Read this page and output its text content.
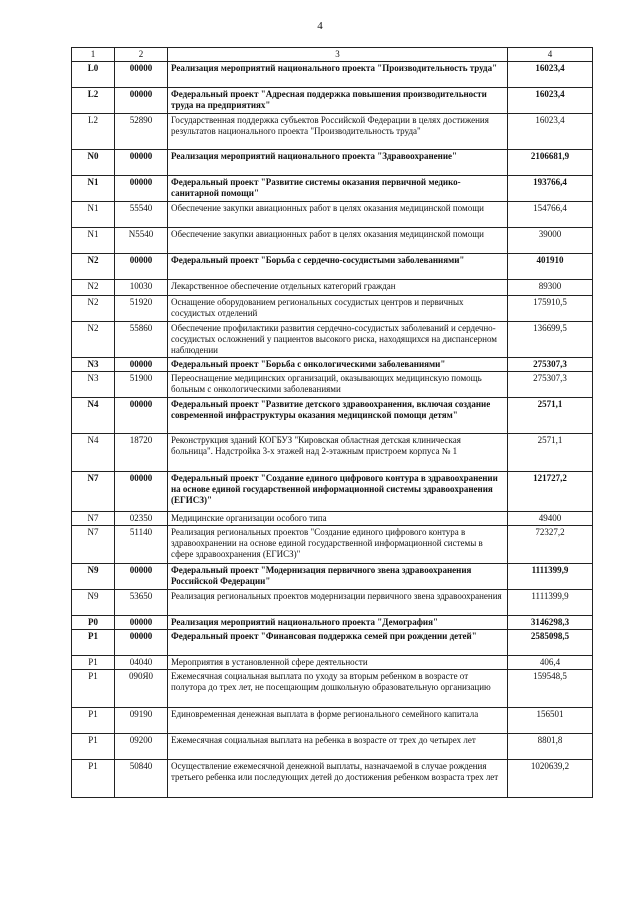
4
1	2	3	4
L0	00000	Реализация мероприятий национального проекта "Производительность труда"	16023,4
L2	00000	Федеральный проект "Адресная поддержка повышения производительности труда на предприятиях"	16023,4
L2	52890	Государственная поддержка субъектов Российской Федерации в целях достижения результатов национального проекта "Производительность труда"	16023,4
N0	00000	Реализация мероприятий национального проекта "Здравоохранение"	2106681,9
N1	00000	Федеральный проект "Развитие системы оказания первичной медико-санитарной помощи"	193766,4
N1	55540	Обеспечение закупки авиационных работ в целях оказания медицинской помощи	154766,4
N1	N5540	Обеспечение закупки авиационных работ в целях оказания медицинской помощи	39000
N2	00000	Федеральный проект "Борьба с сердечно-сосудистыми заболеваниями"	401910
N2	10030	Лекарственное обеспечение отдельных категорий граждан	89300
N2	51920	Оснащение оборудованием региональных сосудистых центров и первичных сосудистых отделений	175910,5
N2	55860	Обеспечение профилактики развития сердечно-сосудистых заболеваний и сердечно-сосудистых осложнений у пациентов высокого риска, находящихся на диспансерном наблюдении	136699,5
N3	00000	Федеральный проект "Борьба с онкологическими заболеваниями"	275307,3
N3	51900	Переоснащение медицинских организаций, оказывающих медицинскую помощь больным с онкологическими заболеваниями	275307,3
N4	00000	Федеральный проект "Развитие детского здравоохранения, включая создание современной инфраструктуры оказания медицинской помощи детям"	2571,1
N4	18720	Реконструкция зданий КОГБУЗ "Кировская областная детская клиническая больница". Надстройка 3-х этажей над 2-этажным пристроем корпуса № 1	2571,1
N7	00000	Федеральный проект "Создание единого цифрового контура в здравоохранении на основе единой государственной информационной системы здравоохранения (ЕГИСЗ)"	121727,2
N7	02350	Медицинские организации особого типа	49400
N7	51140	Реализация региональных проектов "Создание единого цифрового контура в здравоохранении на основе единой государственной информационной системы в сфере здравоохранения (ЕГИСЗ)"	72327,2
N9	00000	Федеральный проект "Модернизация первичного звена здравоохранения Российской Федерации"	1111399,9
N9	53650	Реализация региональных проектов модернизации первичного звена здравоохранения	1111399,9
P0	00000	Реализация мероприятий национального проекта "Демография"	3146298,3
P1	00000	Федеральный проект "Финансовая поддержка семей при рождении детей"	2585098,5
P1	04040	Мероприятия в установленной сфере деятельности	406,4
P1	090Я0	Ежемесячная социальная выплата по уходу за вторым ребенком в возрасте от полутора до трех лет, не посещающим дошкольную образовательную организацию	159548,5
P1	09190	Единовременная денежная выплата в форме регионального семейного капитала	156501
P1	09200	Ежемесячная социальная выплата на ребенка в возрасте от трех до четырех лет	8801,8
P1	50840	Осуществление ежемесячной денежной выплаты, назначаемой в случае рождения третьего ребенка или последующих детей до достижения ребенком возраста трех лет	1020639,2
